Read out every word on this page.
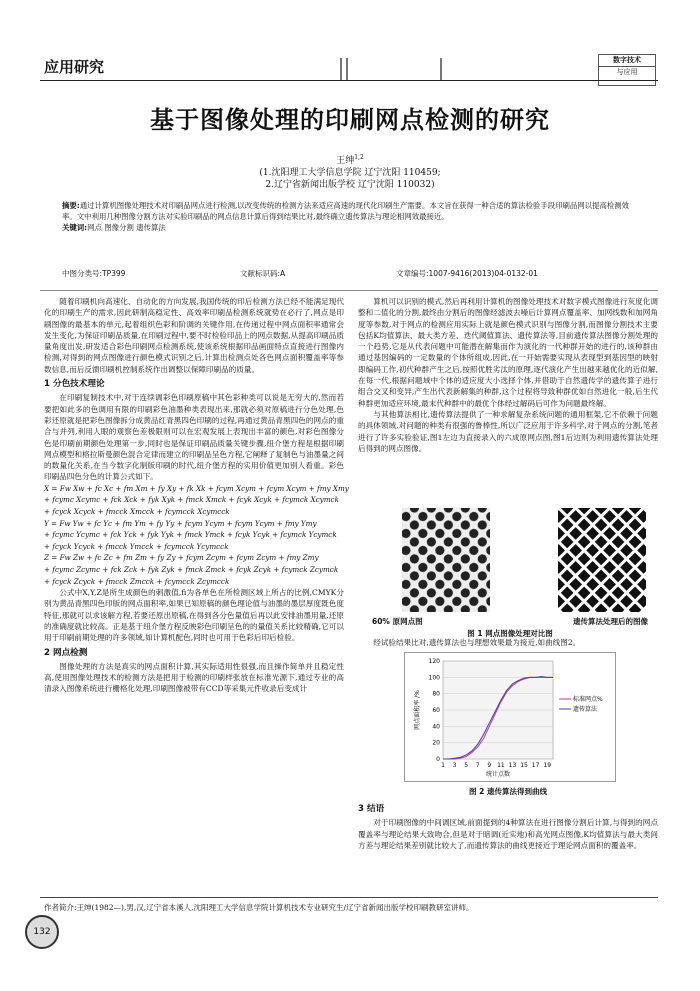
应用研究	数字技术
与应用
基于图像处理的印刷网点检测的研究
王绅$^{1,2}$
(1.沈阳理工大学信息学院 辽宁沈阳 110459;
2.辽宁省新闻出版学校 辽宁沈阳 110032)
摘要:通过计算机图像处理技术对印刷品网点进行检测,以改变传统的检测方法来适应高速的现代化印刷生产需要。本文旨在获得一种合适的算法检验手段印刷品网以提高检测效率。文中利用几种图像分割方法对实验印刷品的网点信息计算后得到结果比对,最终确立遗传算法与理论相网效最接近。
关键词:网点 图像分割 遗传算法
中图分类号:TP399	文献标识码:A	文章编号:1007-9416(2013)04-0132-01

随着印刷机向高速化、自动化的方向发展,我国传统的印后检测方法已经不能满足现代化的印刷生产的需求,因此研制高稳定性、高效率印刷品检测系统就势在必行了,网点是印刷图像的最基本的单元,起着组织色彩和阶调的关键作用,在传递过程中网点面积率通常会发生变化,为保证印刷品质量,在印刷过程中,要不时检验印品上的网点数据,从提高印刷品质量角度出发,研发适合彩色印刷网点检测系统,使该系统根据印品画面特点直接进行图像内检测,对得到的网点图像进行颜色模式识别之后,计算出检测点处各色网点面积覆盖率等参数信息,而后反馈印刷机控制系统作出调整以保障印刷品的质量。

1 分色技术理论

在印刷复制技术中,对于连续调彩色印刷原稿中其色彩种类可以说是无穷大的,然而若要把如此多的色调用有限的印刷彩色油墨种类表现出来,那就必须对原稿进行分色处理,色彩还原就是把彩色图像拆分成黄品红青黑四色印刷的过程,再通过黄品青黑四色的网点的重合与并列,利用人眼的观察色差极限则可以在宏观发展上表现出丰富的颜色,对彩色图像分色是印刷前期颜色处理第一步,同时也是保证印刷品质量关键步骤,纽介堡方程是根据印刷网点模型和格拉斯曼颜色混合定律而建立的印刷品呈色方程,它阐释了复制色与油墨量之间的数量化关系,在当今数字化制版印刷的时代,纽介堡方程的实用价值更加别人看重。彩色印刷品四色分色的计算公式如下。

X = Fw Xw + fc Xc + fm Xm + fy Xy + fk Xk + fcym Xcym + fcym Xcym + fmy Xmy
+ fcymc Xcymc + fck Xck + fyk Xyk + fmck Xmck + fcyk Xcyk + fcymck Xcymck
+ fcyck Xcyck + fmcck Xmcck + fcymcck Xcymcck
Y = Fw Yw + fc Yc + fm Ym + fy Yy + fcym Ycym + fcym Ycym + fmy Ymy
+ fcymc Ycymc + fck Yck + fyk Yyk + fmck Ymck + fcyk Ycyk + fcymck Ycymck
+ fcyck Ycyck + fmcck Ymcck + fcymcck Ycymcck
Z = Fw Zw + fc Zc + fm Zm + fy Zy + fcym Zcym + fcym Zcym + fmy Zmy
+ fcymc Zcymc + fck Zck + fyk Zyk + fmck Zmck + fcyk Zcyk + fcymck Zcymck
+ fcyck Zcyck + fmcck Zmcck + fcymcck Zcymcck

公式中X,Y,Z是所生成颜色的刺激值,fi为各单色在所检测区域上所占的比例,CMYK分别为黄品青黑四色印版的网点面积率,如果已知原稿的颜色理论值与油墨的墨层厚度既色度特征,那就可以求该解方程,若要还原出原稿,在得到各分色量值后再以此安排油墨用量,还原的准确度就比较高。正是基于纽介堡方程反映彩色印刷呈色的的量值关系比较精确,它可以用于印刷前期处理的许多领域,如计算机配色,同时也可用于色彩后印后检验。

2 网点检测

图像处理的方法是真实的网点面积计算,其实际适用性很强,而且操作简单并且稳定性高,使用图像处理技术的检测方法是把用于检测的印刷样张放在标准光源下,通过专业的高清录入图像系统进行栅格化处理,印刷图像被带有CCD等采集元件收录后变成计

算机可以识别的模式,然后再利用计算机的图像处理技术对数字模式图像进行灰度化调整和二值化的分割,最终由分割后的图像经滤波去噪后计算网点覆盖率、加网线数和加网角度等参数,对于网点的检测应用实际上就是颜色模式识别与图像分割,而图像分割技术主要包括K均值算法、最大类方差、迭代阈值算法、遗传算法等,目前遗传算法图像分割处理的一个趋势,它是从代表问题中可能潜在解集而作为演化的一代种群开始的进行的,该种群由通过基因编码的一定数量的个体所组成,因此,在一开始需要实现从表现型到基因型的映射即编码工作,初代种群产生之后,按照优胜劣汰的原理,逐代演化产生出越来越优化的近似解,在每一代,根据问题域中个体的适应度大小选择个体,并借助于自然遗传学的遗传算子进行组合交叉和变异,产生出代表新解集的种群,这个过程将导致种群优如自然进化一般,后生代种群更加适应环境,最末代种群中的最优个体经过解码后可作为问题最终解。

与其他算法相比,遗传算法提供了一种求解复杂系统问题的通用框架,它不依赖于问题的具体领域,对问题的种类有很强的鲁棒性,所以广泛应用于许多科学,对于网点的分割,笔者进行了许多实验验证,图1左边为直接录入的六成原网点图,图1后边则为利用遗传算法处理后得到的网点图像。

60% 原网点图	遗传算法处理后的图像
图 1 网点图像处理对比图

经试验结果比对,遗传算法也与理想效果最为接近,如曲线图2。

0
20
40
60
80
100
120
1 3 5 7 9 11 13 15 17 19
统计点数
网点面积率 /%	标准网点%
遗传算法
图 2 遗传算法得到曲线
3 结语

对于印刷图像的中间调区域,前面提到的4种算法在进行图像分割后计算,与得到的网点覆盖率与理论结果大致吻合,但是对于暗调(近实地)和高光网点图像,K均值算法与最大类间方差与理论结果差别就比较大了,而遗传算法的曲线更接近于理论网点面积的覆盖率。

作者简介:王绅(1982—),男,汉,辽宁省本溪人,沈阳理工大学信息学院计算机技术专业研究生/辽宁省新闻出版学校印刷教研室讲师。
132
